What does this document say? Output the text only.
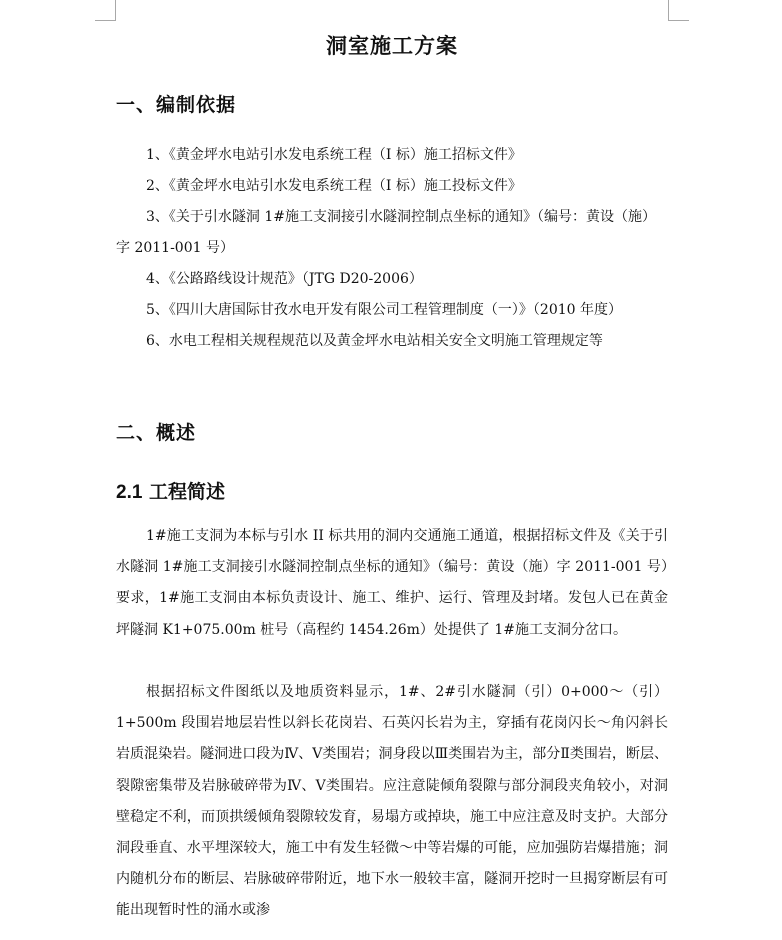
洞室施工方案
一、编制依据

1、《黄金坪水电站引水发电系统工程（I 标）施工招标文件》

2、《黄金坪水电站引水发电系统工程（I 标）施工投标文件》

3、《关于引水隧洞 1#施工支洞接引水隧洞控制点坐标的通知》（编号：黄设（施）字 2011-001 号）

4、《公路路线设计规范》（JTG D20-2006）

5、《四川大唐国际甘孜水电开发有限公司工程管理制度（一）》（2010 年度）

6、水电工程相关规程规范以及黄金坪水电站相关安全文明施工管理规定等

二、概述
2.1 工程简述

1#施工支洞为本标与引水 II 标共用的洞内交通施工通道，根据招标文件及《关于引水隧洞 1#施工支洞接引水隧洞控制点坐标的通知》（编号：黄设（施）字 2011-001 号）要求，1#施工支洞由本标负责设计、施工、维护、运行、管理及封堵。发包人已在黄金坪隧洞 K1+075.00m 桩号（高程约 1454.26m）处提供了 1#施工支洞分岔口。

根据招标文件图纸以及地质资料显示，1#、2#引水隧洞（引）0+000～（引）1+500m 段围岩地层岩性以斜长花岗岩、石英闪长岩为主，穿插有花岗闪长～角闪斜长岩质混染岩。隧洞进口段为Ⅳ、Ⅴ类围岩；洞身段以Ⅲ类围岩为主，部分Ⅱ类围岩，断层、裂隙密集带及岩脉破碎带为Ⅳ、Ⅴ类围岩。应注意陡倾角裂隙与部分洞段夹角较小，对洞壁稳定不利，而顶拱缓倾角裂隙较发育，易塌方或掉块，施工中应注意及时支护。大部分洞段垂直、水平埋深较大，施工中有发生轻微～中等岩爆的可能，应加强防岩爆措施；洞内随机分布的断层、岩脉破碎带附近，地下水一般较丰富，隧洞开挖时一旦揭穿断层有可能出现暂时性的涌水或渗
